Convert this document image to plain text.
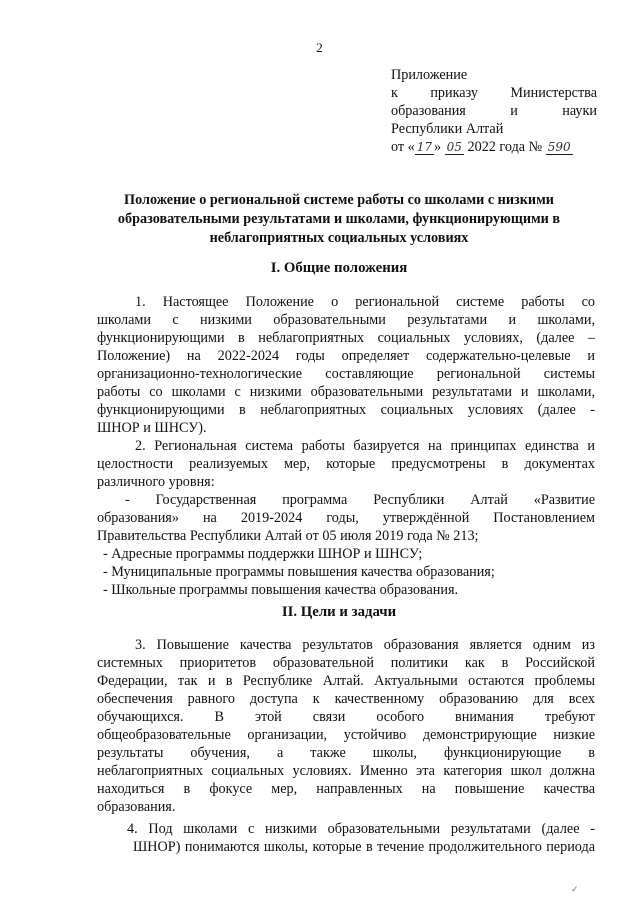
2
Приложение
к приказу Министерства
образования и науки
Республики Алтай
от « 17 » 05 2022 года № 590
Положение о региональной системе работы со школами с низкими
образовательными результатами и школами, функционирующими в
неблагоприятных социальных условиях
I. Общие положения
1. Настоящее Положение о региональной системе работы со
школами с низкими образовательными результатами и школами,
функционирующими в неблагоприятных социальных условиях, (далее –
Положение) на 2022-2024 годы определяет содержательно-целевые и
организационно-технологические составляющие региональной системы
работы со школами с низкими образовательными результатами и школами,
функционирующими в неблагоприятных социальных условиях (далее -
ШНОР и ШНСУ).
2. Региональная система работы базируется на принципах единства и
целостности реализуемых мер, которые предусмотрены в документах
различного уровня:
- Государственная программа Республики Алтай «Развитие
образования» на 2019-2024 годы, утверждённой Постановлением
Правительства Республики Алтай от 05 июля 2019 года № 213;
- Адресные программы поддержки ШНОР и ШНСУ;
- Муниципальные программы повышения качества образования;
- Школьные программы повышения качества образования.
II. Цели и задачи
3. Повышение качества результатов образования является одним из
системных приоритетов образовательной политики как в Российской
Федерации, так и в Республике Алтай. Актуальными остаются проблемы
обеспечения равного доступа к качественному образованию для всех
обучающихся. В этой связи особого внимания требуют
общеобразовательные организации, устойчиво демонстрирующие низкие
результаты обучения, а также школы, функционирующие в
неблагоприятных социальных условиях. Именно эта категория школ должна
находиться в фокусе мер, направленных на повышение качества
образования.
4. Под школами с низкими образовательными результатами (далее -
ШНОР) понимаются школы, которые в течение продолжительного периода
✓
